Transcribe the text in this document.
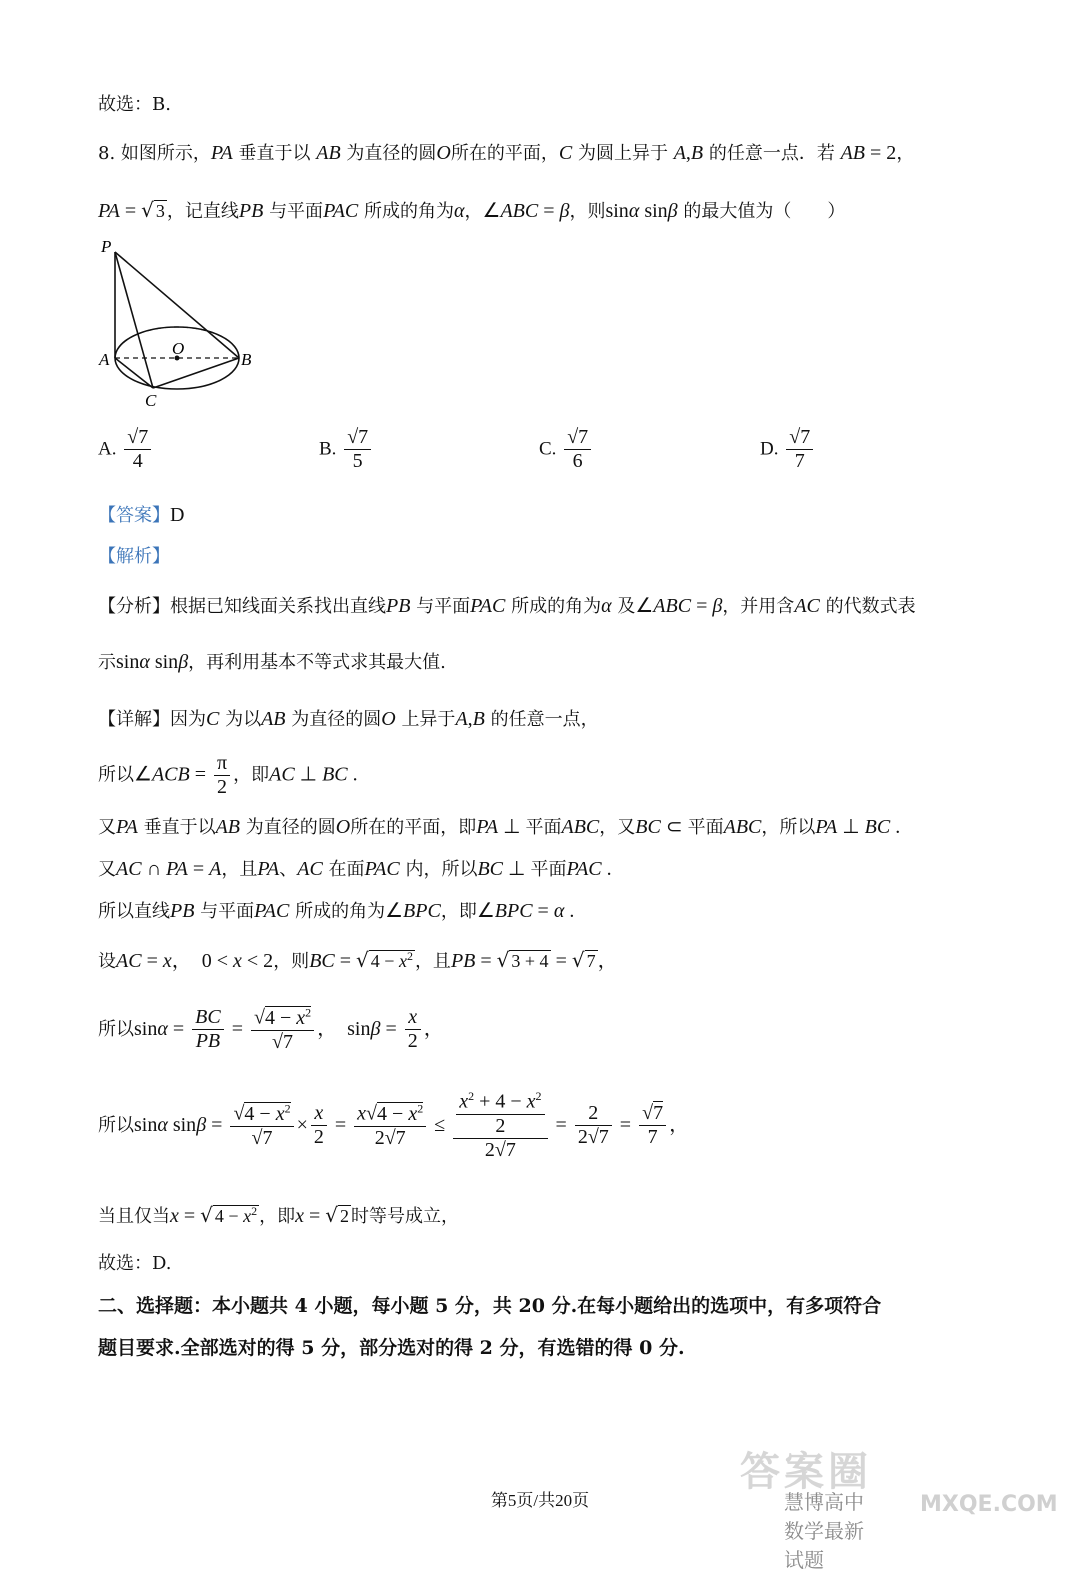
故选：B.
8. 如图所示，PA 垂直于以 AB 为直径的圆O所在的平面，C 为圆上异于 A,B 的任意一点．若 AB = 2，
PA = √ 3 ，记直线PB 与平面PAC 所成的角为α，∠ABC = β，则sinα sinβ 的最大值为（　　）
P
O
A	B
C
A. $\frac{√7}{4}$	B. $\frac{√7}{5}$	C. $\frac{√7}{6}$	D. $\frac{√7}{7}$
【答案】D
【解析】
【分析】根据已知线面关系找出直线PB 与平面PAC 所成的角为α 及∠ABC = β，并用含AC 的代数式表
示sinα sinβ，再利用基本不等式求其最大值.
【详解】因为C 为以AB 为直径的圆O 上异于A,B 的任意一点，
所以∠ACB = $\frac{\pi}{2}$ ，即AC ⊥ BC .
又PA 垂直于以AB 为直径的圆O所在的平面，即PA ⊥ 平面ABC，又BC ⊂ 平面ABC，所以PA ⊥ BC .
又AC ∩ PA = A，且PA、AC 在面PAC 内，所以BC ⊥ 平面PAC .
所以直线PB 与平面PAC 所成的角为∠BPC，即∠BPC = α .
设AC = x，　0 < x < 2，则BC = √ $4 - x^2$ ，且PB = √ 3 + 4 = √ 7 ，
所以$\sin\alpha = \frac{BC}{PB} = \frac{√4 - x^2}{√7}$ ，　$\sin\beta = \frac{x}{2}$ ，
所以sinα $\sin\beta = \frac{√4 - x^2}{√7} \times \frac{x}{2} = \frac{x√4 - x^2}{2√7} \le \frac{\frac{x^2 + 4 - x^2}{2}}{2√7} = \frac{2}{2√7} = \frac{√7}{7}$ ，
当且仅当x = √ $4 - x^2$ ，即x = √ 2 时等号成立，
故选：D.
二、选择题：本小题共 4 小题，每小题 5 分，共 20 分.在每小题给出的选项中，有多项符合
题目要求.全部选对的得 5 分，部分选对的得 2 分，有选错的得 0 分.
答案圈
慧博高中数学最新试题
MXQE.COM
第5页/共20页
